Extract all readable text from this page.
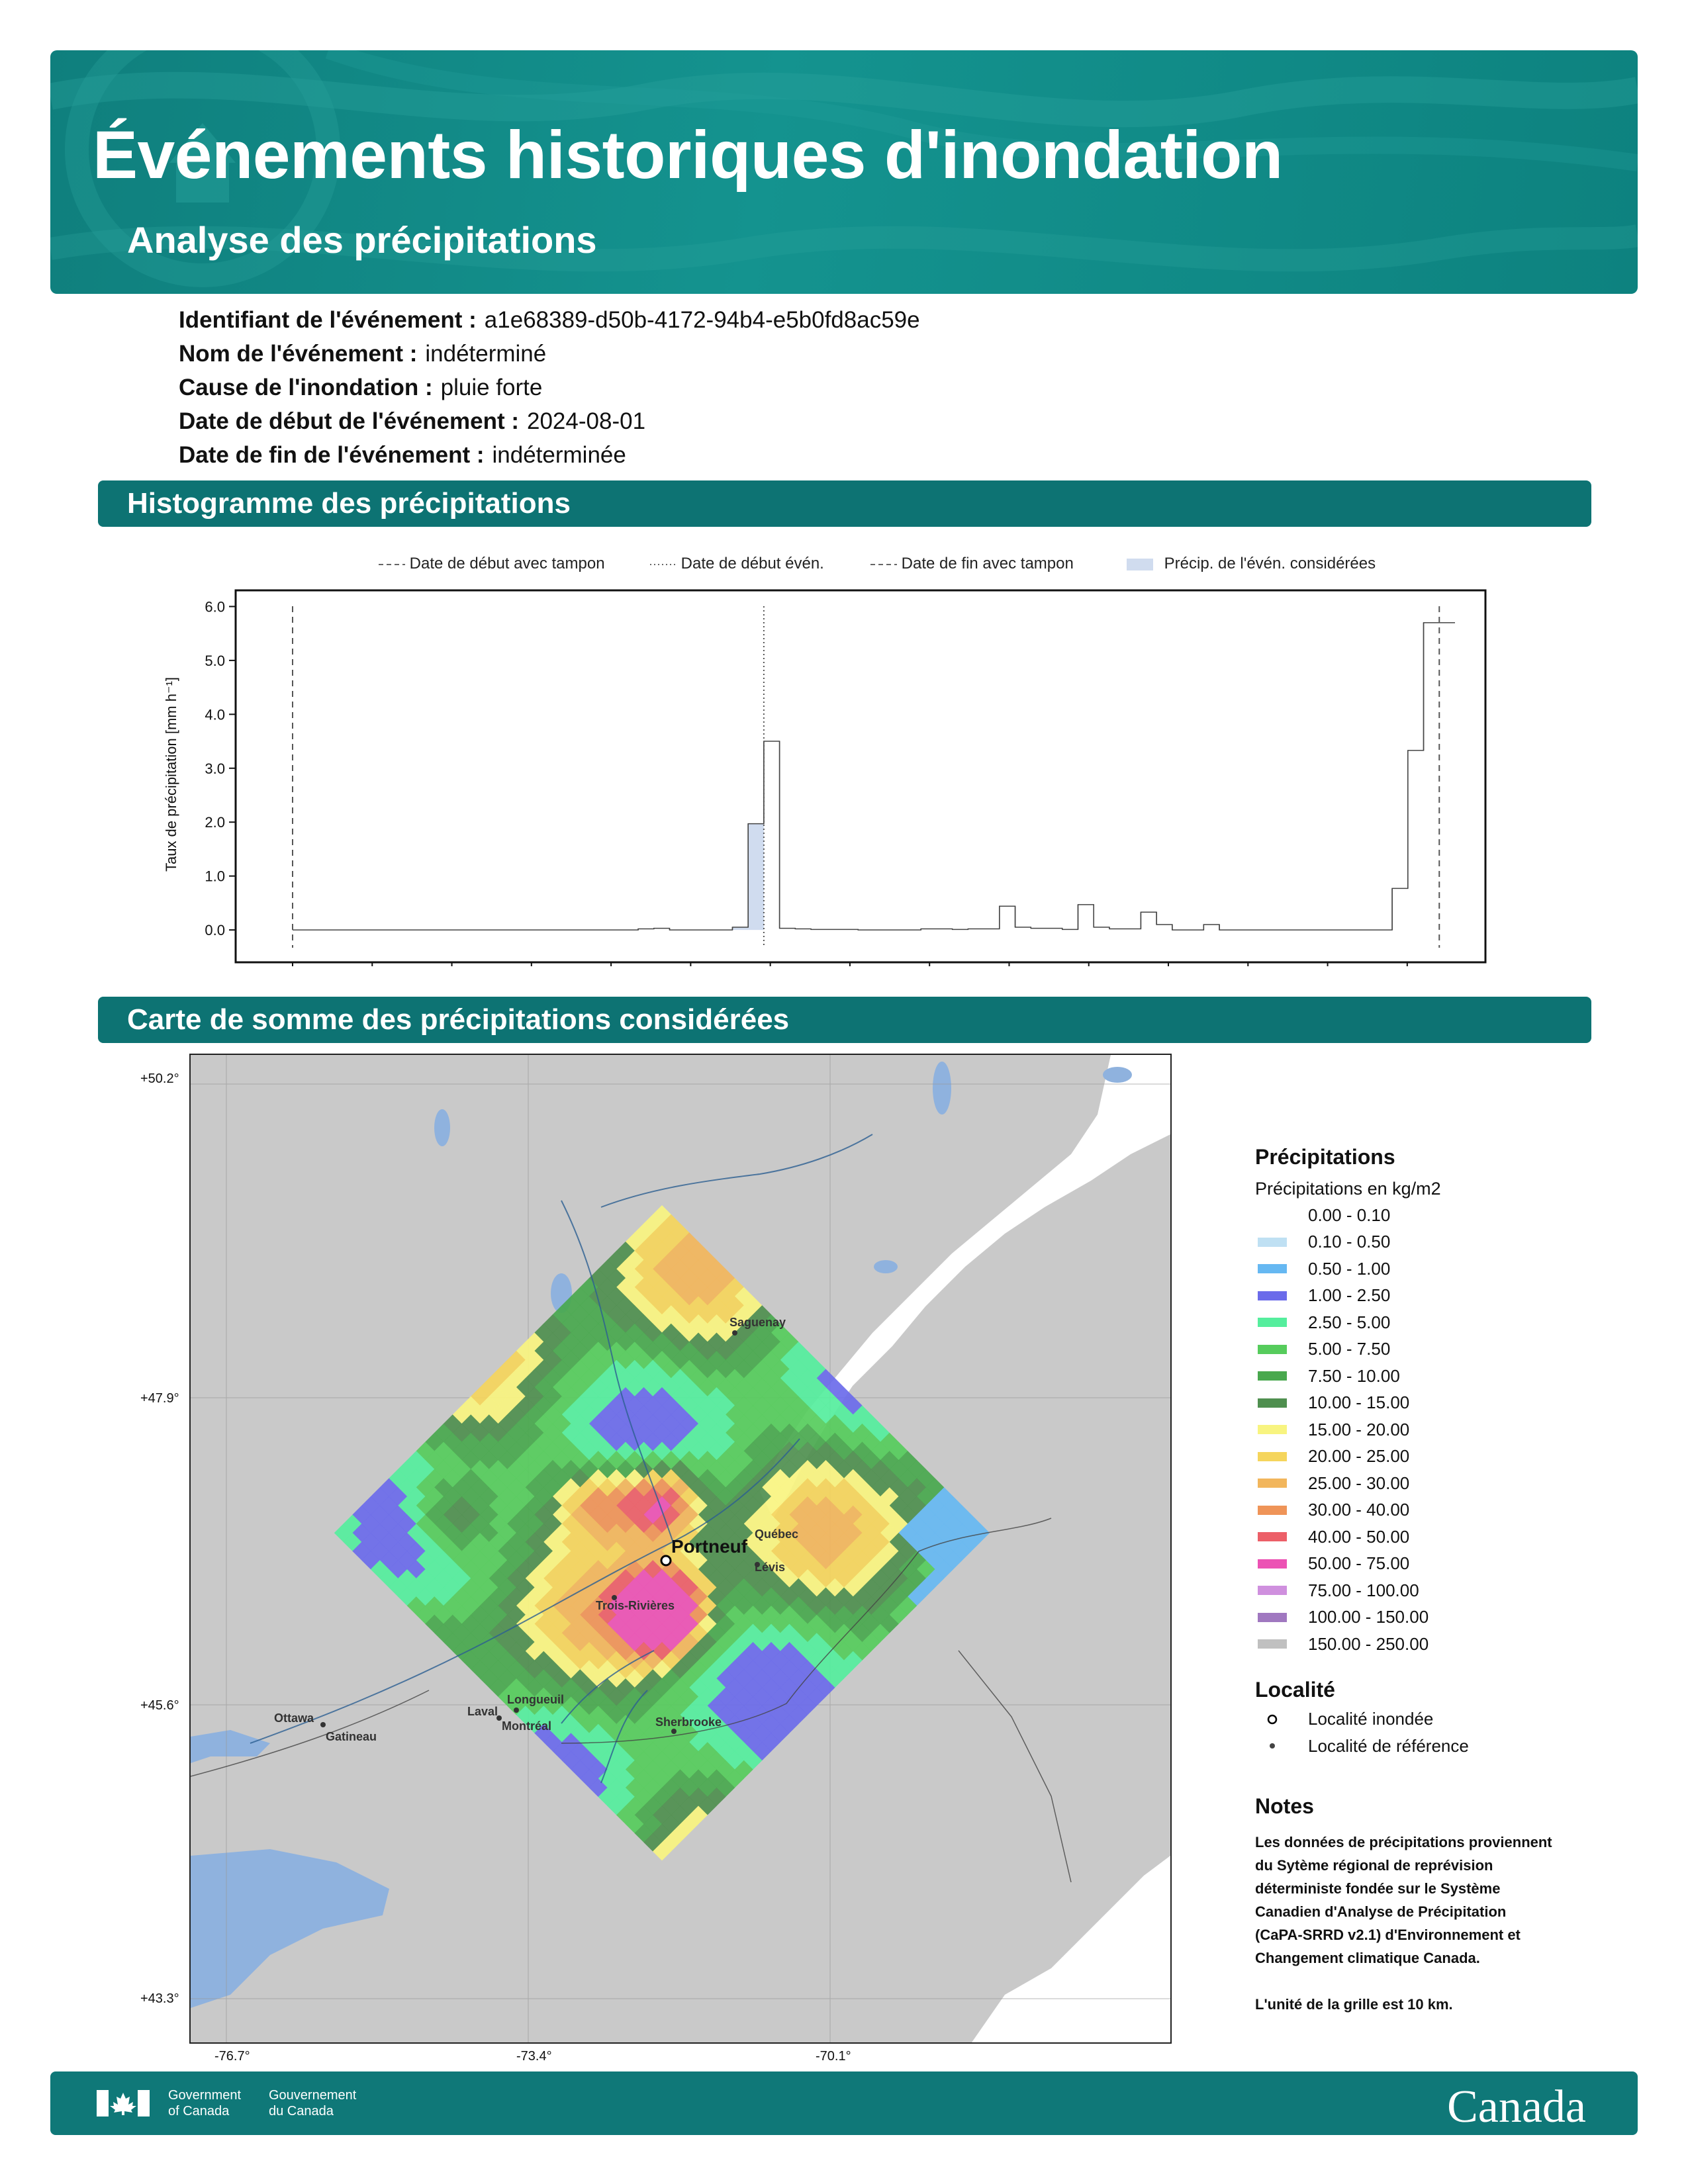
Événements historiques d'inondation
Analyse des précipitations
Identifiant de l'événement : a1e68389-d50b-4172-94b4-e5b0fd8ac59e
Nom de l'événement : indéterminé
Cause de l'inondation : pluie forte
Date de début de l'événement : 2024-08-01
Date de fin de l'événement : indéterminée
Histogramme des précipitations
Date de début avec tampon	Date de début évén.	Date de fin avec tampon	Précip. de l'évén. considérées
Taux de précipitation [mm h⁻¹]
0.0
1.0
2.0
3.0
4.0
5.0
6.0
Carte de somme des précipitations considérées
+50.2°
+47.9°
+45.6°
+43.3°
-76.7°	-73.4°	-70.1°
Saguenay
Portneuf
Québec
Lévis
Trois-Rivières
Ottawa
Gatineau
Laval
Longueuil
Montréal	Sherbrooke
Précipitations
Précipitations en kg/m2
0.00 - 0.10
0.10 - 0.50
0.50 - 1.00
1.00 - 2.50
2.50 - 5.00
5.00 - 7.50
7.50 - 10.00
10.00 - 15.00
15.00 - 20.00
20.00 - 25.00
25.00 - 30.00
30.00 - 40.00
40.00 - 50.00
50.00 - 75.00
75.00 - 100.00
100.00 - 150.00
150.00 - 250.00
Localité
Localité inondée
Localité de référence
Notes
Les données de précipitations proviennent
du Sytème régional de reprévision
déterministe fondée sur le Système
Canadien d'Analyse de Précipitation
(CaPA-SRRD v2.1) d'Environnement et
Changement climatique Canada.
L'unité de la grille est 10 km.
Government
of Canada
Gouvernement
du Canada	Canada
